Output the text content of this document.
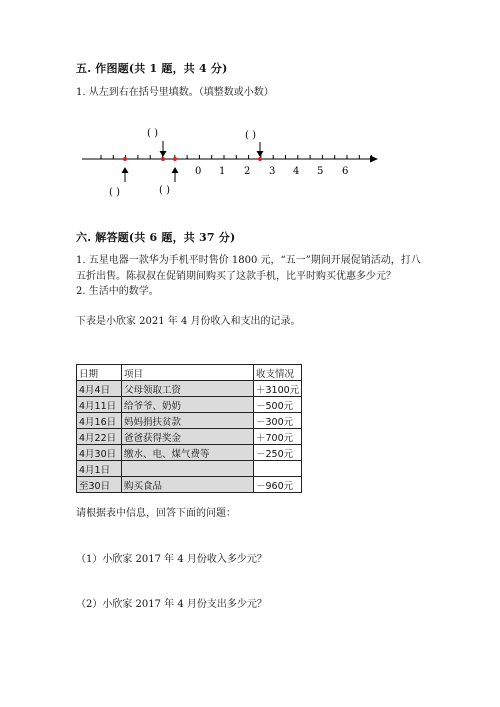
五. 作图题(共 1 题，共 4 分)
1. 从左到右在括号里填数。（填整数或小数）
( )	( )
0 1 2 3 4 5 6
( )	( )
六. 解答题(共 6 题，共 37 分)
1. 五星电器一款华为手机平时售价 1800 元，“五一”期间开展促销活动，打八
五折出售。陈叔叔在促销期间购买了这款手机，比平时购买优惠多少元？
2. 生活中的数学。
下表是小欣家 2021 年 4 月份收入和支出的记录。
日期	项目	收支情况
4月4日	父母领取工资	＋3100元
4月11日	给爷爷、奶奶	－500元
4月16日	妈妈捐扶贫款	－300元
4月22日	爸爸获得奖金	＋700元
4月30日	缴水、电、煤气费等	－250元
4月1日		
至30日	购买食品	－960元
请根据表中信息，回答下面的问题：
（1）小欣家 2017 年 4 月份收入多少元？
（2）小欣家 2017 年 4 月份支出多少元？
